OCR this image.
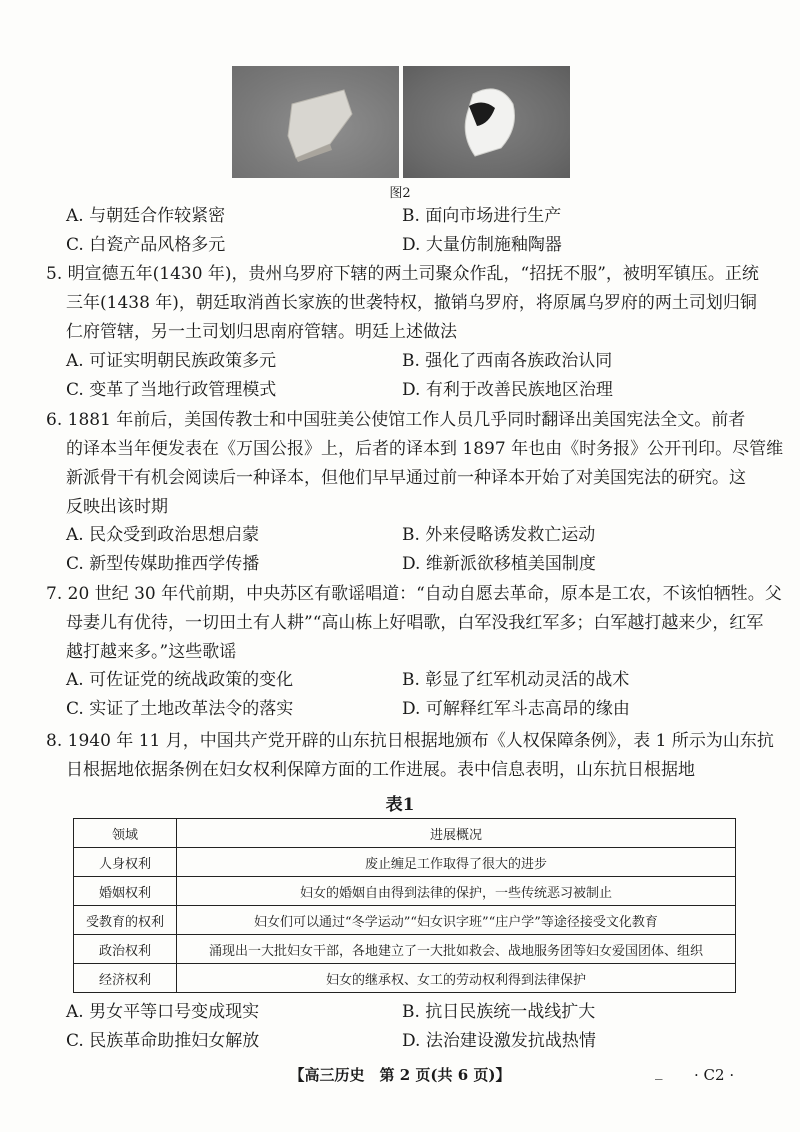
图2
A. 与朝廷合作较紧密	B. 面向市场进行生产
C. 白瓷产品风格多元	D. 大量仿制施釉陶器
5. 明宣德五年(1430 年)，贵州乌罗府下辖的两土司聚众作乱，“招抚不服”，被明军镇压。正统
三年(1438 年)，朝廷取消酋长家族的世袭特权，撤销乌罗府，将原属乌罗府的两土司划归铜
仁府管辖，另一土司划归思南府管辖。明廷上述做法
A. 可证实明朝民族政策多元	B. 强化了西南各族政治认同
C. 变革了当地行政管理模式	D. 有利于改善民族地区治理
6. 1881 年前后，美国传教士和中国驻美公使馆工作人员几乎同时翻译出美国宪法全文。前者
的译本当年便发表在《万国公报》上，后者的译本到 1897 年也由《时务报》公开刊印。尽管维
新派骨干有机会阅读后一种译本，但他们早早通过前一种译本开始了对美国宪法的研究。这
反映出该时期
A. 民众受到政治思想启蒙	B. 外来侵略诱发救亡运动
C. 新型传媒助推西学传播	D. 维新派欲移植美国制度
7. 20 世纪 30 年代前期，中央苏区有歌谣唱道：“自动自愿去革命，原本是工农，不该怕牺牲。父
母妻儿有优待，一切田土有人耕”“高山栋上好唱歌，白军没我红军多；白军越打越来少，红军
越打越来多。”这些歌谣
A. 可佐证党的统战政策的变化	B. 彰显了红军机动灵活的战术
C. 实证了土地改革法令的落实	D. 可解释红军斗志高昂的缘由
8. 1940 年 11 月，中国共产党开辟的山东抗日根据地颁布《人权保障条例》，表 1 所示为山东抗
日根据地依据条例在妇女权利保障方面的工作进展。表中信息表明，山东抗日根据地
表1
领域	进展概况
人身权利	废止缠足工作取得了很大的进步
婚姻权利	妇女的婚姻自由得到法律的保护，一些传统恶习被制止
受教育的权利	妇女们可以通过“冬学运动”“妇女识字班”“庄户学”等途径接受文化教育
政治权利	涌现出一大批妇女干部，各地建立了一大批如救会、战地服务团等妇女爱国团体、组织
经济权利	妇女的继承权、女工的劳动权利得到法律保护
A. 男女平等口号变成现实	B. 抗日民族统一战线扩大
C. 民族革命助推妇女解放	D. 法治建设激发抗战热情
【高三历史　第 2 页(共 6 页)】	_ · C2 ·
